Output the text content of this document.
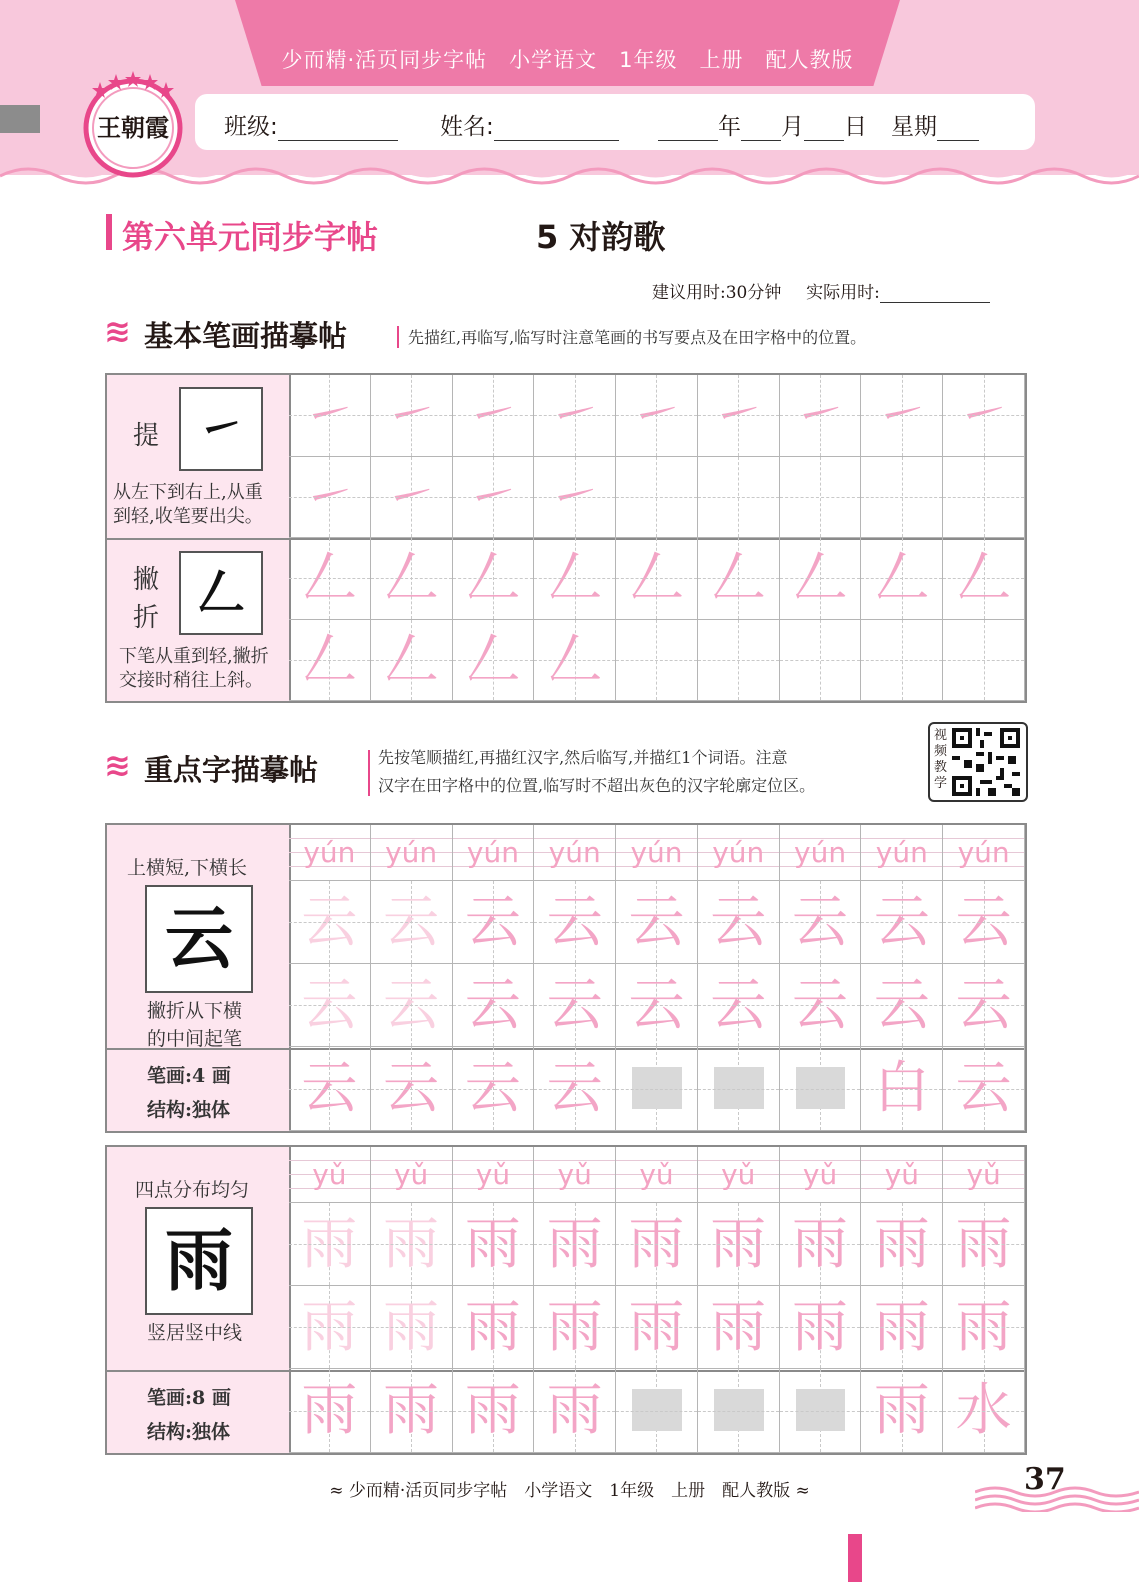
少而精·活页同步字帖　小学语文　1年级　上册　配人教版
班级:	姓名:	年 月 日 星期
王朝霞
第六单元同步字帖	5 对韵歌
建议用时:30分钟 实际用时:
≋ 基本笔画描摹帖	先描红,再临写,临写时注意笔画的书写要点及在田字格中的位置。
提 ㇀
从左下到右上,从重
到轻,收笔要出尖。
撇
折 𠃋
下笔从重到轻,撇折
交接时稍往上斜。
㇀ ㇀ ㇀ ㇀ ㇀ ㇀ ㇀ ㇀ ㇀
㇀ ㇀ ㇀ ㇀
𠃋 𠃋 𠃋 𠃋 𠃋 𠃋 𠃋 𠃋 𠃋
𠃋 𠃋 𠃋 𠃋
≋ 重点字描摹帖	先按笔顺描红,再描红汉字,然后临写,并描红1个词语。注意
汉字在田字格中的位置,临写时不超出灰色的汉字轮廓定位区。
视频教学
上横短,下横长
云
撇折从下横
的中间起笔
笔画:4 画
结构:独体
yún	yún	yún	yún	yún	yún	yún	yún	yún
云 云 云 云 云 云 云 云 云
云 云 云 云 云 云 云 云 云
云 云 云 云	白 云
四点分布均匀
雨
竖居竖中线
笔画:8 画
结构:独体
yǔ	yǔ	yǔ	yǔ	yǔ	yǔ	yǔ	yǔ	yǔ
雨 雨 雨 雨 雨 雨 雨 雨 雨
雨 雨 雨 雨 雨 雨 雨 雨 雨
雨 雨 雨 雨	雨 水
≈ 少而精·活页同步字帖　小学语文　1年级　上册　配人教版 ≈	37
